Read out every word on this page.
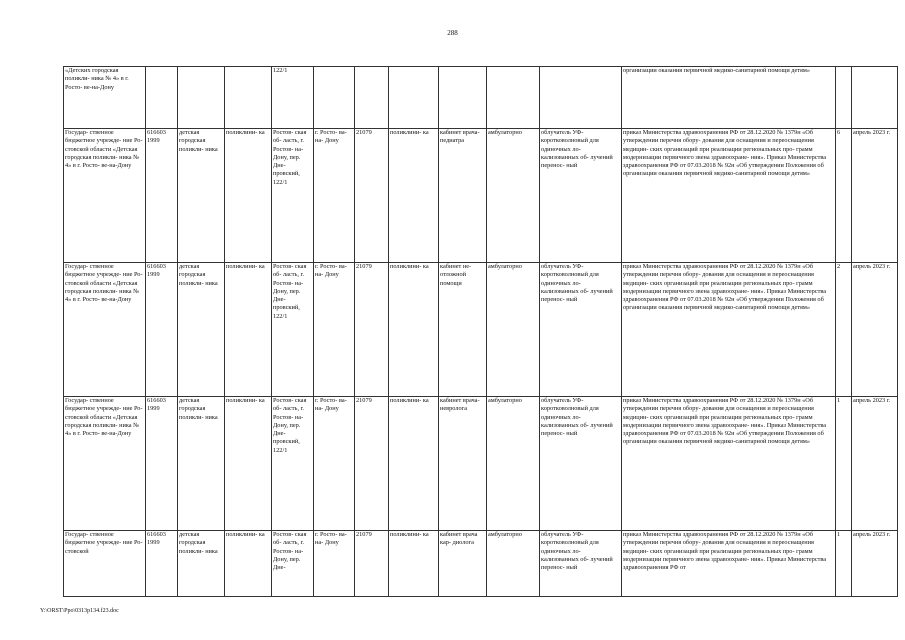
288
	«Детских городская поликли- ника № 4» в г. Росто- ве-на-Дону				122/1							организации оказания первичной медико-санитарной помощи детям»		
	Государ- ственное бюджетное учрежде- ние Ро- стовской области «Детская городская поликли- ника № 4» в г. Росто- ве-на-Дону	616603 1999	детская городская поликли- ника	поликлини- ка	Ростов- ская об- ласть, г. Ростов- на-Дону, пер. Дне- провский, 122/1	г. Росто- ва-на- Дону	21079	поликлини- ка	кабинет врача- педиатра	амбулаторно	облучатель УФ- коротковолновый для одиночных ло- кализованных об- лучений перенос- ный	приказ Министерства здравоохранения РФ от 28.12.2020 № 1379н «Об утверждении перечня обору- дования для оснащения и переоснащения медицин- ских организаций при реализации региональных про- грамм модернизации первичного звена здравоохране- ния». Приказ Министерства здравоохранения РФ от 07.03.2018 № 92н «Об утверждении Положения об организации оказания первичной медико-санитарной помощи детям»	6	апрель 2023 г.
	Государ- ственное бюджетное учрежде- ние Ро- стовской области «Детская городская поликли- ника № 4» в г. Росто- ве-на-Дону	616603 1999	детская городская поликли- ника	поликлини- ка	Ростов- ская об- ласть, г. Ростов- на-Дону, пер. Дне- провский, 122/1	г. Росто- ва-на- Дону	21079	поликлини- ка	кабинет не- отложной помощи	амбулаторно	облучатель УФ- коротковолновый для одиночных ло- кализованных об- лучений перенос- ный	приказ Министерства здравоохранения РФ от 28.12.2020 № 1379н «Об утверждении перечня обору- дования для оснащения и переоснащения медицин- ских организаций при реализации региональных про- грамм модернизации первичного звена здравоохране- ния». Приказ Министерства здравоохранения РФ от 07.03.2018 № 92н «Об утверждении Положения об организации оказания первичной медико-санитарной помощи детям»	2	апрель 2023 г.
	Государ- ственное бюджетное учрежде- ние Ро- стовской области «Детская городская поликли- ника № 4» в г. Росто- ве-на-Дону	616603 1999	детская городская поликли- ника	поликлини- ка	Ростов- ская об- ласть, г. Ростов- на-Дону, пер. Дне- провский, 122/1	г. Росто- ва-на- Дону	21079	поликлини- ка	кабинет врача- невролога	амбулаторно	облучатель УФ- коротковолновый для одиночных ло- кализованных об- лучений перенос- ный	приказ Министерства здравоохранения РФ от 28.12.2020 № 1379н «Об утверждении перечня обору- дования для оснащения и переоснащения медицин- ских организаций при реализации региональных про- грамм модернизации первичного звена здравоохране- ния». Приказ Министерства здравоохранения РФ от 07.03.2018 № 92н «Об утверждении Положения об организации оказания первичной медико-санитарной помощи детям»	1	апрель 2023 г.
	Государ- ственное бюджетное учрежде- ние Ро- стовской	616603 1999	детская городская поликли- ника	поликлини- ка	Ростов- ская об- ласть, г. Ростов- на-Дону, пер. Дне-	г. Росто- ва-на- Дону	21079	поликлини- ка	кабинет врача кар- диолога	амбулаторно	облучатель УФ- коротковолновый для одиночных ло- кализованных об- лучений перенос- ный	приказ Министерства здравоохранения РФ от 28.12.2020 № 1379н «Об утверждении перечня обору- дования для оснащения и переоснащения медицин- ских организаций при реализации региональных про- грамм модернизации первичного звена здравоохране- ния». Приказ Министерства здравоохранения РФ от	1	апрель 2023 г.
Y:\ORST\Ppo\0313p134.f23.doc
